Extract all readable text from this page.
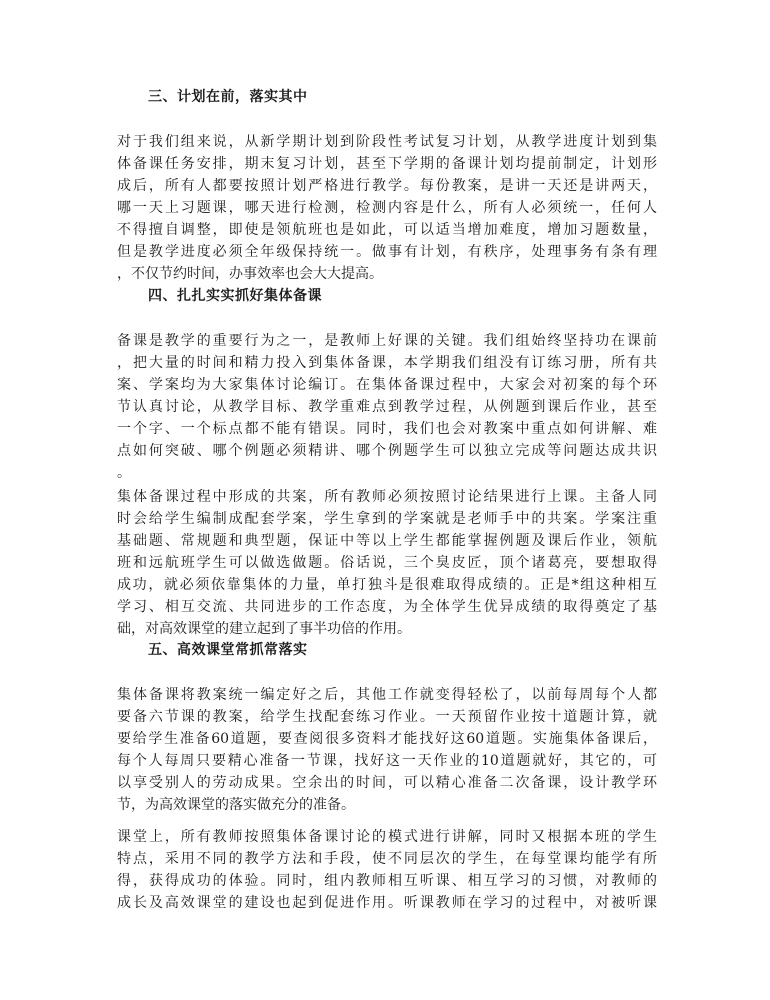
三、计划在前，落实其中
对于我们组来说，从新学期计划到阶段性考试复习计划，从教学进度计划到集
体备课任务安排，期末复习计划，甚至下学期的备课计划均提前制定，计划形
成后，所有人都要按照计划严格进行教学。每份教案，是讲一天还是讲两天，
哪一天上习题课，哪天进行检测，检测内容是什么，所有人必须统一，任何人
不得擅自调整，即使是领航班也是如此，可以适当增加难度，增加习题数量，
但是教学进度必须全年级保持统一。做事有计划，有秩序，处理事务有条有理
，不仅节约时间，办事效率也会大大提高。
四、扎扎实实抓好集体备课
备课是教学的重要行为之一，是教师上好课的关键。我们组始终坚持功在课前
，把大量的时间和精力投入到集体备课，本学期我们组没有订练习册，所有共
案、学案均为大家集体讨论编订。在集体备课过程中，大家会对初案的每个环
节认真讨论，从教学目标、教学重难点到教学过程，从例题到课后作业，甚至
一个字、一个标点都不能有错误。同时，我们也会对教案中重点如何讲解、难
点如何突破、哪个例题必须精讲、哪个例题学生可以独立完成等问题达成共识
。
集体备课过程中形成的共案，所有教师必须按照讨论结果进行上课。主备人同
时会给学生编制成配套学案，学生拿到的学案就是老师手中的共案。学案注重
基础题、常规题和典型题，保证中等以上学生都能掌握例题及课后作业，领航
班和远航班学生可以做选做题。俗话说，三个臭皮匠，顶个诸葛亮，要想取得
成功，就必须依靠集体的力量，单打独斗是很难取得成绩的。正是*组这种相互
学习、相互交流、共同进步的工作态度，为全体学生优异成绩的取得奠定了基
础，对高效课堂的建立起到了事半功倍的作用。
五、高效课堂常抓常落实
集体备课将教案统一编定好之后，其他工作就变得轻松了，以前每周每个人都
要备六节课的教案，给学生找配套练习作业。一天预留作业按十道题计算，就
要给学生准备60道题，要查阅很多资料才能找好这60道题。实施集体备课后，
每个人每周只要精心准备一节课，找好这一天作业的10道题就好，其它的，可
以享受别人的劳动成果。空余出的时间，可以精心准备二次备课，设计教学环
节，为高效课堂的落实做充分的准备。
课堂上，所有教师按照集体备课讨论的模式进行讲解，同时又根据本班的学生
特点，采用不同的教学方法和手段，使不同层次的学生，在每堂课均能学有所
得，获得成功的体验。同时，组内教师相互听课、相互学习的习惯，对教师的
成长及高效课堂的建设也起到促进作用。听课教师在学习的过程中，对被听课
